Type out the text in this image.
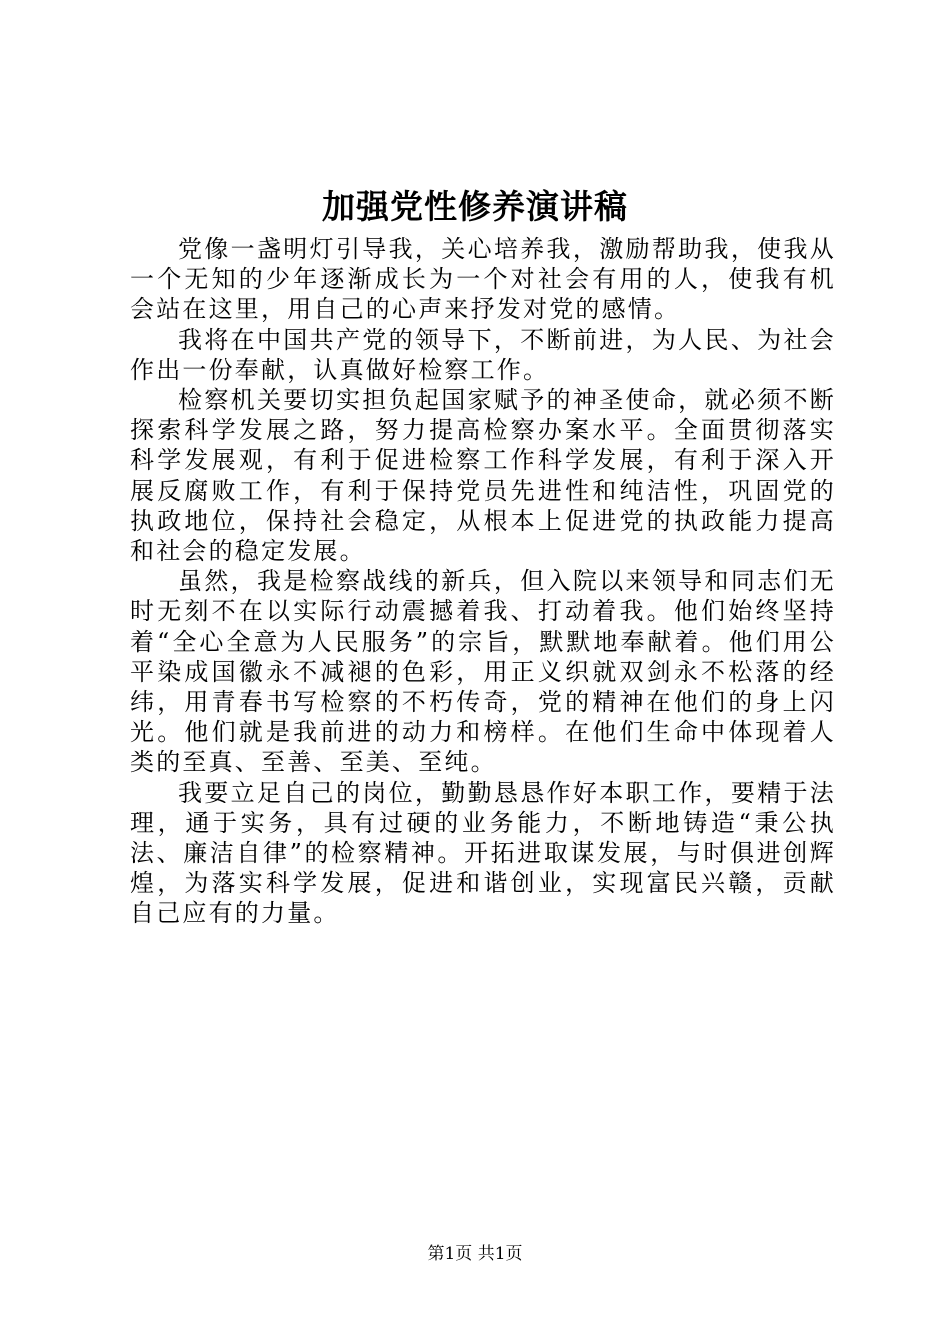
加强党性修养演讲稿

党像一盏明灯引导我，关心培养我，激励帮助我，使我从一个无知的少年逐渐成长为一个对社会有用的人，使我有机会站在这里，用自己的心声来抒发对党的感情。

我将在中国共产党的领导下，不断前进，为人民、为社会作出一份奉献，认真做好检察工作。

检察机关要切实担负起国家赋予的神圣使命，就必须不断探索科学发展之路，努力提高检察办案水平。全面贯彻落实科学发展观，有利于促进检察工作科学发展，有利于深入开展反腐败工作，有利于保持党员先进性和纯洁性，巩固党的执政地位，保持社会稳定，从根本上促进党的执政能力提高和社会的稳定发展。

虽然，我是检察战线的新兵，但入院以来领导和同志们无时无刻不在以实际行动震撼着我、打动着我。他们始终坚持着“全心全意为人民服务”的宗旨，默默地奉献着。他们用公平染成国徽永不减褪的色彩，用正义织就双剑永不松落的经纬，用青春书写检察的不朽传奇，党的精神在他们的身上闪光。他们就是我前进的动力和榜样。在他们生命中体现着人类的至真、至善、至美、至纯。

我要立足自己的岗位，勤勤恳恳作好本职工作，要精于法理，通于实务，具有过硬的业务能力，不断地铸造“秉公执法、廉洁自律”的检察精神。开拓进取谋发展，与时俱进创辉煌，为落实科学发展，促进和谐创业，实现富民兴赣，贡献自己应有的力量。

第1页 共1页
